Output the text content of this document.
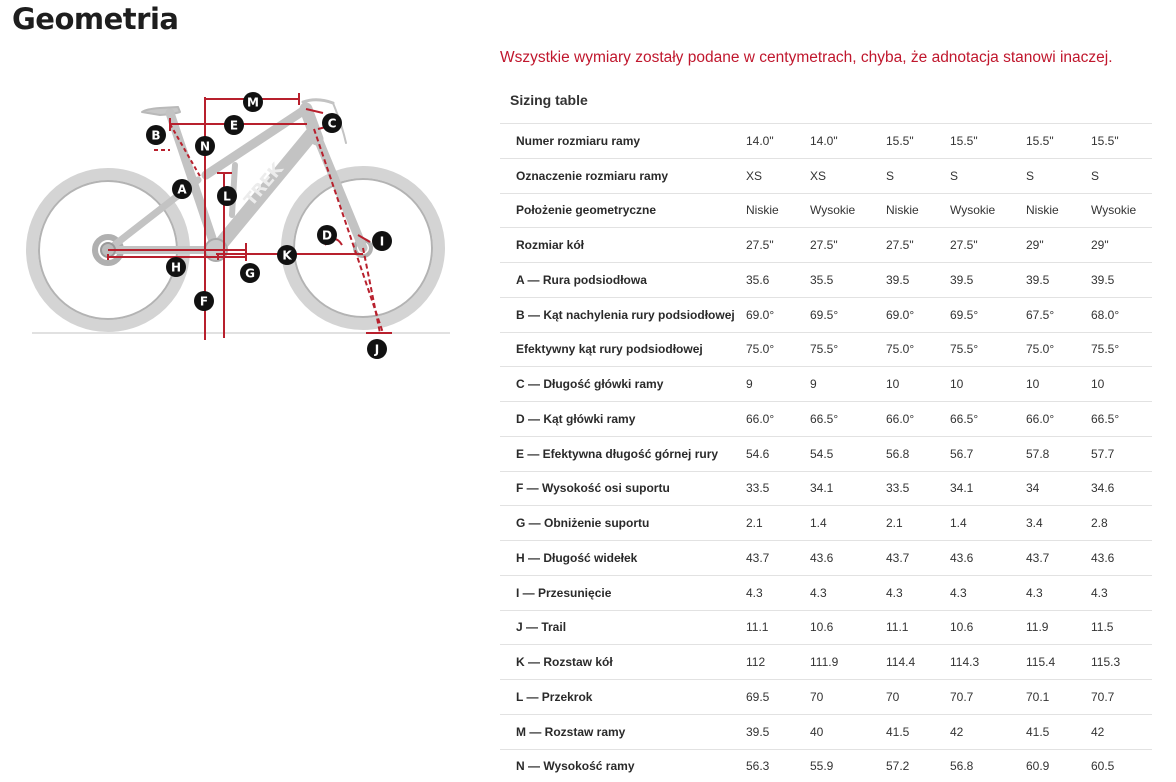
Geometria
TREK
M
E	C
B
N
A	L
D	I
K
H	G
F
J
Wszystkie wymiary zostały podane w centymetrach, chyba, że adnotacja stanowi inaczej.
Sizing table
Numer rozmiaru ramy	14.0"	14.0"	15.5"	15.5"	15.5"	15.5"
Oznaczenie rozmiaru ramy	XS	XS	S	S	S	S
Położenie geometryczne	Niskie	Wysokie	Niskie	Wysokie	Niskie	Wysokie
Rozmiar kół	27.5"	27.5"	27.5"	27.5"	29"	29"
A — Rura podsiodłowa	35.6	35.5	39.5	39.5	39.5	39.5
B — Kąt nachylenia rury podsiodłowej	69.0°	69.5°	69.0°	69.5°	67.5°	68.0°
Efektywny kąt rury podsiodłowej	75.0°	75.5°	75.0°	75.5°	75.0°	75.5°
C — Długość główki ramy	9	9	10	10	10	10
D — Kąt główki ramy	66.0°	66.5°	66.0°	66.5°	66.0°	66.5°
E — Efektywna długość górnej rury	54.6	54.5	56.8	56.7	57.8	57.7
F — Wysokość osi suportu	33.5	34.1	33.5	34.1	34	34.6
G — Obniżenie suportu	2.1	1.4	2.1	1.4	3.4	2.8
H — Długość widełek	43.7	43.6	43.7	43.6	43.7	43.6
I — Przesunięcie	4.3	4.3	4.3	4.3	4.3	4.3
J — Trail	11.1	10.6	11.1	10.6	11.9	11.5
K — Rozstaw kół	112	111.9	114.4	114.3	115.4	115.3
L — Przekrok	69.5	70	70	70.7	70.1	70.7
M — Rozstaw ramy	39.5	40	41.5	42	41.5	42
N — Wysokość ramy	56.3	55.9	57.2	56.8	60.9	60.5
